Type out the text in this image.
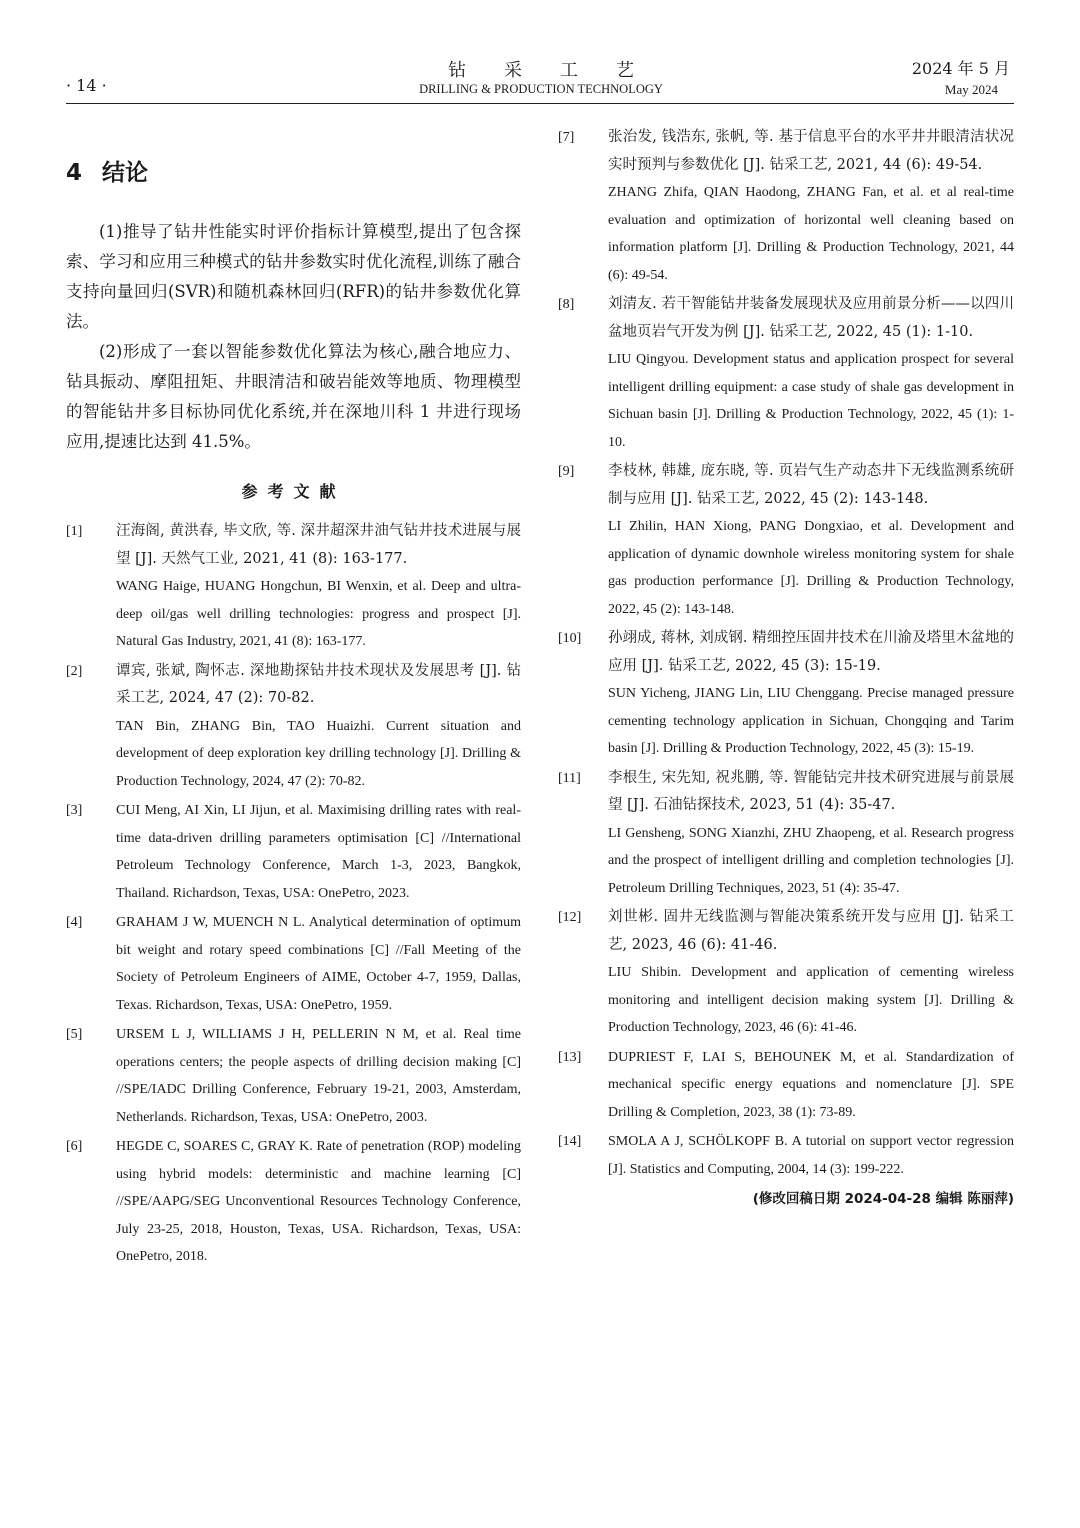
· 14 ·
钻采工艺
DRILLING & PRODUCTION TECHNOLOGY
2024 年 5 月
May 2024
4 结论

(1)推导了钻井性能实时评价指标计算模型,提出了包含探索、学习和应用三种模式的钻井参数实时优化流程,训练了融合支持向量回归(SVR)和随机森林回归(RFR)的钻井参数优化算法。

(2)形成了一套以智能参数优化算法为核心,融合地应力、钻具振动、摩阻扭矩、井眼清洁和破岩能效等地质、物理模型的智能钻井多目标协同优化系统,并在深地川科 1 井进行现场应用,提速比达到 41.5%。

参考文献
[1]	汪海阁, 黄洪春, 毕文欣, 等. 深井超深井油气钻井技术进展与展望 [J]. 天然气工业, 2021, 41 (8): 163-177.

WANG Haige, HUANG Hongchun, BI Wenxin, et al. Deep and ultra-deep oil/gas well drilling technologies: progress and prospect [J]. Natural Gas Industry, 2021, 41 (8): 163-177.

[2]	谭宾, 张斌, 陶怀志. 深地勘探钻井技术现状及发展思考 [J]. 钻采工艺, 2024, 47 (2): 70-82.

TAN Bin, ZHANG Bin, TAO Huaizhi. Current situation and development of deep exploration key drilling technology [J]. Drilling & Production Technology, 2024, 47 (2): 70-82.

[3]	CUI Meng, AI Xin, LI Jijun, et al. Maximising drilling rates with real-time data-driven drilling parameters optimisation [C] //International Petroleum Technology Conference, March 1-3, 2023, Bangkok, Thailand. Richardson, Texas, USA: OnePetro, 2023.

[4]	GRAHAM J W, MUENCH N L. Analytical determination of optimum bit weight and rotary speed combinations [C] //Fall Meeting of the Society of Petroleum Engineers of AIME, October 4-7, 1959, Dallas, Texas. Richardson, Texas, USA: OnePetro, 1959.

[5]	URSEM L J, WILLIAMS J H, PELLERIN N M, et al. Real time operations centers; the people aspects of drilling decision making [C] //SPE/IADC Drilling Conference, February 19-21, 2003, Amsterdam, Netherlands. Richardson, Texas, USA: OnePetro, 2003.

[6]	HEGDE C, SOARES C, GRAY K. Rate of penetration (ROP) modeling using hybrid models: deterministic and machine learning [C] //SPE/AAPG/SEG Unconventional Resources Technology Conference, July 23-25, 2018, Houston, Texas, USA. Richardson, Texas, USA: OnePetro, 2018.

[7]	张治发, 钱浩东, 张帆, 等. 基于信息平台的水平井井眼清洁状况实时预判与参数优化 [J]. 钻采工艺, 2021, 44 (6): 49-54.

ZHANG Zhifa, QIAN Haodong, ZHANG Fan, et al. et al real-time evaluation and optimization of horizontal well cleaning based on information platform [J]. Drilling & Production Technology, 2021, 44 (6): 49-54.

[8]	刘清友. 若干智能钻井装备发展现状及应用前景分析——以四川盆地页岩气开发为例 [J]. 钻采工艺, 2022, 45 (1): 1-10.

LIU Qingyou. Development status and application prospect for several intelligent drilling equipment: a case study of shale gas development in Sichuan basin [J]. Drilling & Production Technology, 2022, 45 (1): 1-10.

[9]	李枝林, 韩雄, 庞东晓, 等. 页岩气生产动态井下无线监测系统研制与应用 [J]. 钻采工艺, 2022, 45 (2): 143-148.

LI Zhilin, HAN Xiong, PANG Dongxiao, et al. Development and application of dynamic downhole wireless monitoring system for shale gas production performance [J]. Drilling & Production Technology, 2022, 45 (2): 143-148.

[10]	孙翊成, 蒋林, 刘成钢. 精细控压固井技术在川渝及塔里木盆地的应用 [J]. 钻采工艺, 2022, 45 (3): 15-19.

SUN Yicheng, JIANG Lin, LIU Chenggang. Precise managed pressure cementing technology application in Sichuan, Chongqing and Tarim basin [J]. Drilling & Production Technology, 2022, 45 (3): 15-19.

[11]	李根生, 宋先知, 祝兆鹏, 等. 智能钻完井技术研究进展与前景展望 [J]. 石油钻探技术, 2023, 51 (4): 35-47.

LI Gensheng, SONG Xianzhi, ZHU Zhaopeng, et al. Research progress and the prospect of intelligent drilling and completion technologies [J]. Petroleum Drilling Techniques, 2023, 51 (4): 35-47.

[12]	刘世彬. 固井无线监测与智能决策系统开发与应用 [J]. 钻采工艺, 2023, 46 (6): 41-46.

LIU Shibin. Development and application of cementing wireless monitoring and intelligent decision making system [J]. Drilling & Production Technology, 2023, 46 (6): 41-46.

[13]	DUPRIEST F, LAI S, BEHOUNEK M, et al. Standardization of mechanical specific energy equations and nomenclature [J]. SPE Drilling & Completion, 2023, 38 (1): 73-89.

[14]	SMOLA A J, SCHÖLKOPF B. A tutorial on support vector regression [J]. Statistics and Computing, 2004, 14 (3): 199-222.

(修改回稿日期 2024-04-28 编辑 陈丽萍)
